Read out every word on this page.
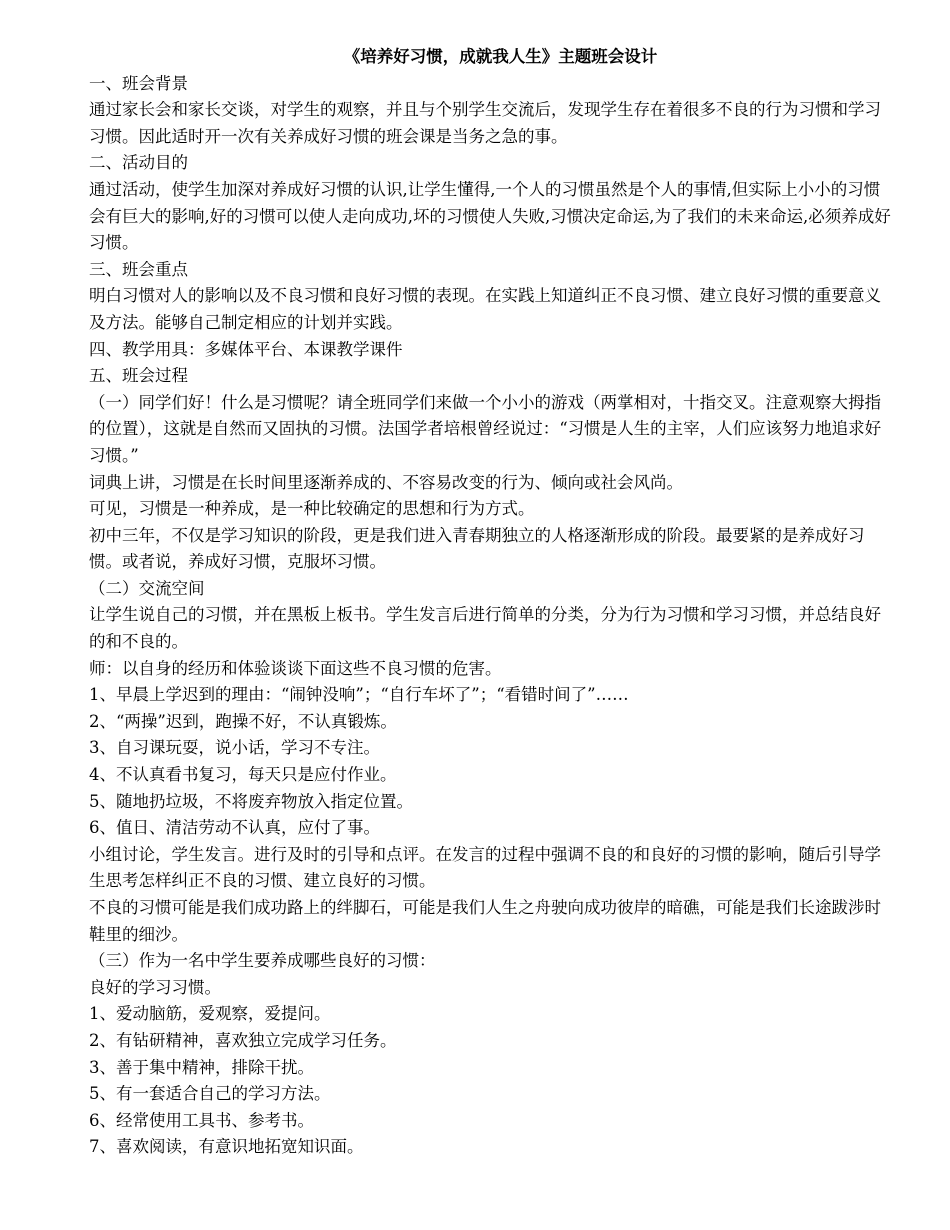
《培养好习惯，成就我人生》主题班会设计

一、班会背景

通过家长会和家长交谈，对学生的观察，并且与个别学生交流后，发现学生存在着很多不良的行为习惯和学习习惯。因此适时开一次有关养成好习惯的班会课是当务之急的事。

二、活动目的

通过活动，使学生加深对养成好习惯的认识,让学生懂得,一个人的习惯虽然是个人的事情,但实际上小小的习惯会有巨大的影响,好的习惯可以使人走向成功,坏的习惯使人失败,习惯决定命运,为了我们的未来命运,必须养成好习惯。

三、班会重点

明白习惯对人的影响以及不良习惯和良好习惯的表现。在实践上知道纠正不良习惯、建立良好习惯的重要意义及方法。能够自己制定相应的计划并实践。

四、教学用具：多媒体平台、本课教学课件

五、班会过程

（一）同学们好！什么是习惯呢？请全班同学们来做一个小小的游戏（两掌相对，十指交叉。注意观察大拇指的位置），这就是自然而又固执的习惯。法国学者培根曾经说过：“习惯是人生的主宰，人们应该努力地追求好习惯。”

词典上讲，习惯是在长时间里逐渐养成的、不容易改变的行为、倾向或社会风尚。

可见，习惯是一种养成，是一种比较确定的思想和行为方式。

初中三年，不仅是学习知识的阶段，更是我们进入青春期独立的人格逐渐形成的阶段。最要紧的是养成好习惯。或者说，养成好习惯，克服坏习惯。

（二）交流空间

让学生说自己的习惯，并在黑板上板书。学生发言后进行简单的分类，分为行为习惯和学习习惯，并总结良好的和不良的。

师：以自身的经历和体验谈谈下面这些不良习惯的危害。

1、早晨上学迟到的理由：“闹钟没响”；“自行车坏了”；“看错时间了”……

2、“两操”迟到，跑操不好，不认真锻炼。

3、自习课玩耍，说小话，学习不专注。

4、不认真看书复习，每天只是应付作业。

5、随地扔垃圾，不将废弃物放入指定位置。

6、值日、清洁劳动不认真，应付了事。

小组讨论，学生发言。进行及时的引导和点评。在发言的过程中强调不良的和良好的习惯的影响，随后引导学生思考怎样纠正不良的习惯、建立良好的习惯。

不良的习惯可能是我们成功路上的绊脚石，可能是我们人生之舟驶向成功彼岸的暗礁，可能是我们长途跋涉时鞋里的细沙。

（三）作为一名中学生要养成哪些良好的习惯：

良好的学习习惯。

1、爱动脑筋，爱观察，爱提问。

2、有钻研精神，喜欢独立完成学习任务。

3、善于集中精神，排除干扰。

5、有一套适合自己的学习方法。

6、经常使用工具书、参考书。

7、喜欢阅读，有意识地拓宽知识面。
